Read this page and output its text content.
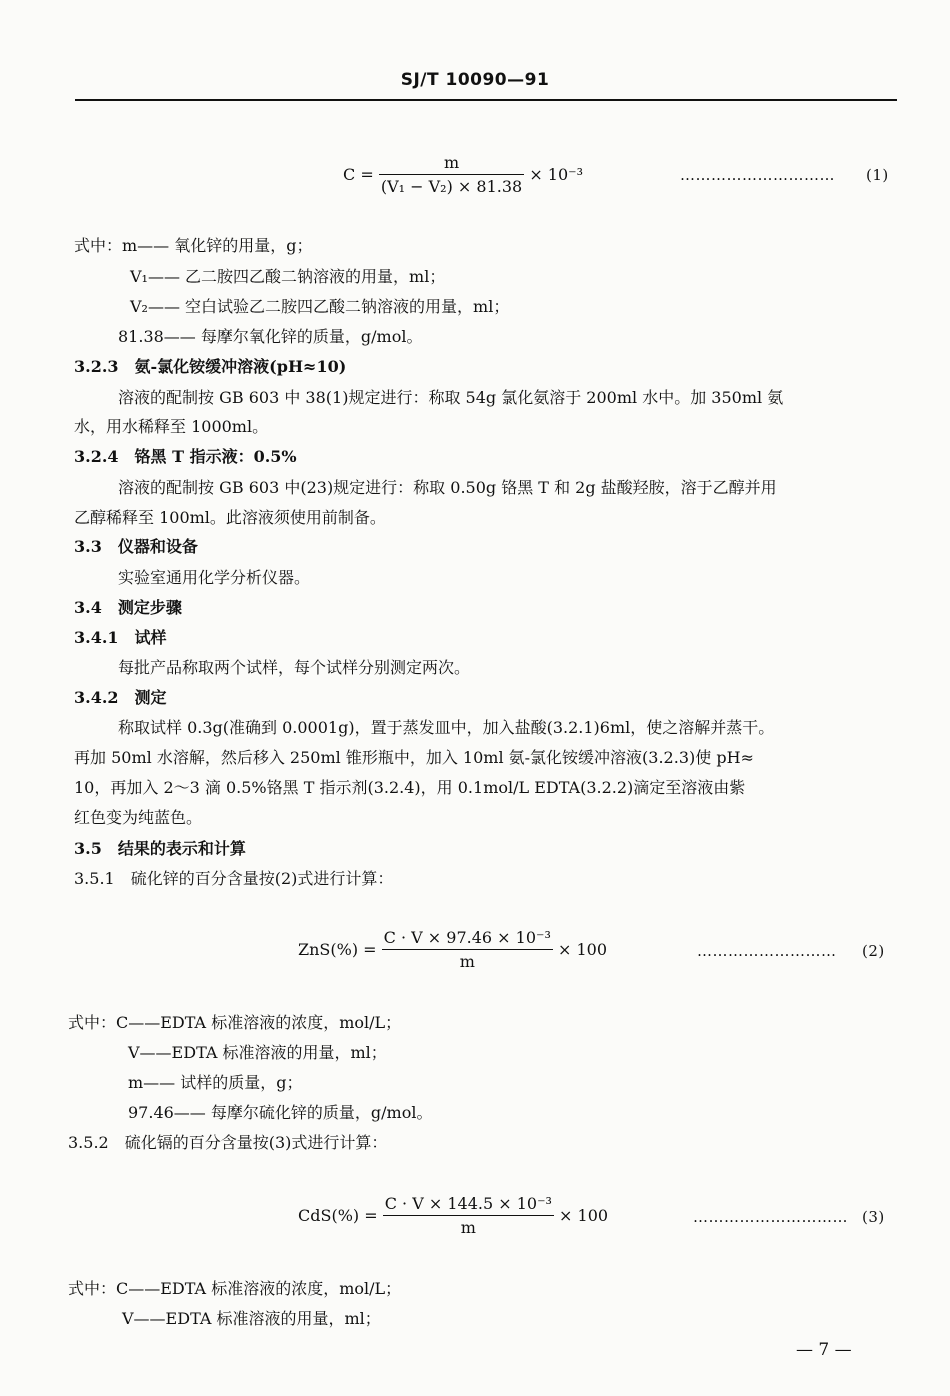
SJ/T 10090—91
$C = \frac{m}{\text{(V₁ − V₂) × 81.38}} \times 10^{-3}$	………………………… (1)
式中：m—— 氧化锌的用量，g；
V₁—— 乙二胺四乙酸二钠溶液的用量，ml；
V₂—— 空白试验乙二胺四乙酸二钠溶液的用量，ml；
81.38—— 每摩尔氧化锌的质量，g/mol。
3.2.3　氨-氯化铵缓冲溶液(pH≈10)
溶液的配制按 GB 603 中 38(1)规定进行：称取 54g 氯化氨溶于 200ml 水中。加 350ml 氨
水，用水稀释至 1000ml。
3.2.4　铬黑 T 指示液：0.5%
溶液的配制按 GB 603 中(23)规定进行：称取 0.50g 铬黑 T 和 2g 盐酸羟胺，溶于乙醇并用
乙醇稀释至 100ml。此溶液须使用前制备。
3.3　仪器和设备
实验室通用化学分析仪器。
3.4　测定步骤
3.4.1　试样
每批产品称取两个试样，每个试样分别测定两次。
3.4.2　测定
称取试样 0.3g(准确到 0.0001g)，置于蒸发皿中，加入盐酸(3.2.1)6ml，使之溶解并蒸干。
再加 50ml 水溶解，然后移入 250ml 锥形瓶中，加入 10ml 氨-氯化铵缓冲溶液(3.2.3)使 pH≈
10，再加入 2～3 滴 0.5%铬黑 T 指示剂(3.2.4)，用 0.1mol/L EDTA(3.2.2)滴定至溶液由紫
红色变为纯蓝色。
3.5　结果的表示和计算
3.5.1　硫化锌的百分含量按(2)式进行计算：
$ZnS(\%) = \frac{\text{C · V × 97.46 × 10⁻³}}{m} \times 100$	……………………… (2)
式中：C——EDTA 标准溶液的浓度，mol/L；
V——EDTA 标准溶液的用量，ml；
m—— 试样的质量，g；
97.46—— 每摩尔硫化锌的质量，g/mol。
3.5.2　硫化镉的百分含量按(3)式进行计算：
$CdS(\%) = \frac{\text{C · V × 144.5 × 10⁻³}}{m} \times 100$	………………………… (3)
式中：C——EDTA 标准溶液的浓度，mol/L；
V——EDTA 标准溶液的用量，ml；
— 7 —
